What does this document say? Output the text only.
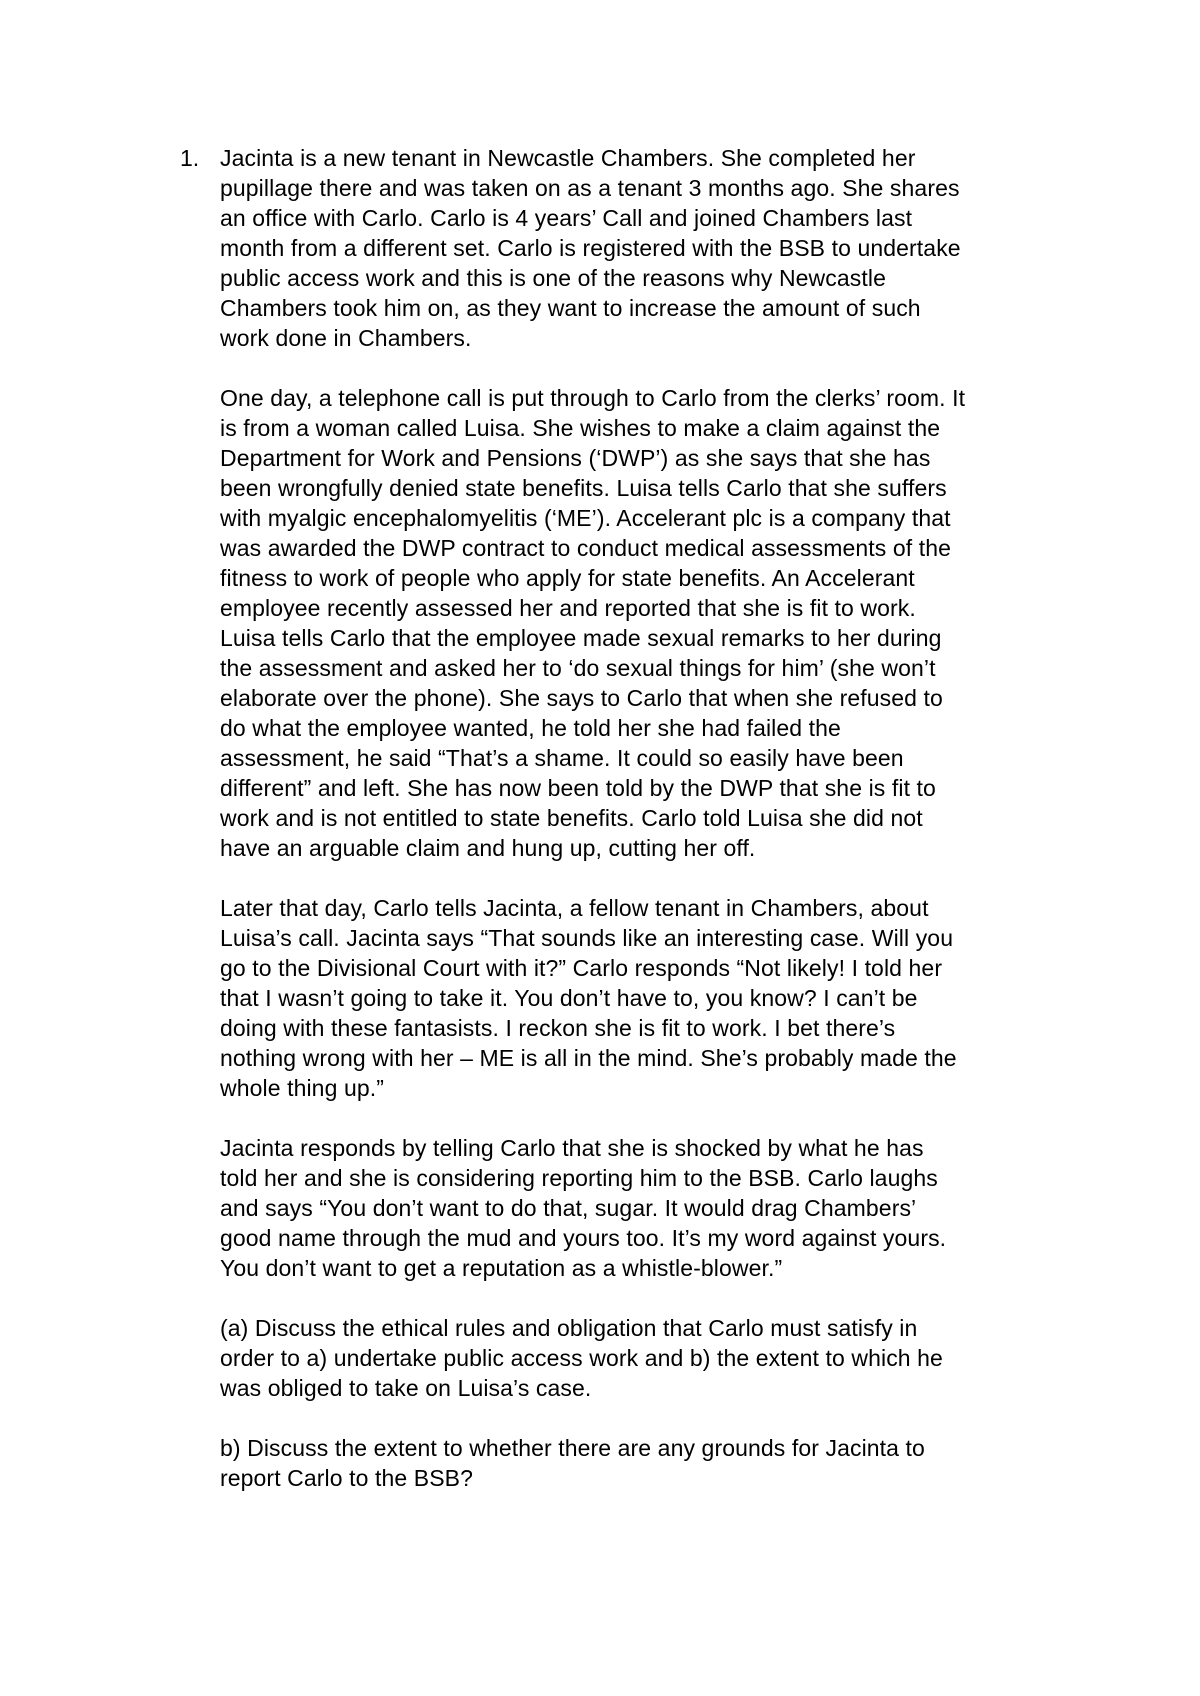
1. Jacinta is a new tenant in Newcastle Chambers. She completed her
pupillage there and was taken on as a tenant 3 months ago. She shares
an office with Carlo. Carlo is 4 years’ Call and joined Chambers last
month from a different set. Carlo is registered with the BSB to undertake
public access work and this is one of the reasons why Newcastle
Chambers took him on, as they want to increase the amount of such
work done in Chambers.

One day, a telephone call is put through to Carlo from the clerks’ room. It
is from a woman called Luisa. She wishes to make a claim against the
Department for Work and Pensions (‘DWP’) as she says that she has
been wrongfully denied state benefits. Luisa tells Carlo that she suffers
with myalgic encephalomyelitis (‘ME’). Accelerant plc is a company that
was awarded the DWP contract to conduct medical assessments of the
fitness to work of people who apply for state benefits. An Accelerant
employee recently assessed her and reported that she is fit to work.
Luisa tells Carlo that the employee made sexual remarks to her during
the assessment and asked her to ‘do sexual things for him’ (she won’t
elaborate over the phone). She says to Carlo that when she refused to
do what the employee wanted, he told her she had failed the
assessment, he said “That’s a shame. It could so easily have been
different” and left. She has now been told by the DWP that she is fit to
work and is not entitled to state benefits. Carlo told Luisa she did not
have an arguable claim and hung up, cutting her off.

Later that day, Carlo tells Jacinta, a fellow tenant in Chambers, about
Luisa’s call. Jacinta says “That sounds like an interesting case. Will you
go to the Divisional Court with it?” Carlo responds “Not likely! I told her
that I wasn’t going to take it. You don’t have to, you know? I can’t be
doing with these fantasists. I reckon she is fit to work. I bet there’s
nothing wrong with her – ME is all in the mind. She’s probably made the
whole thing up.”

Jacinta responds by telling Carlo that she is shocked by what he has
told her and she is considering reporting him to the BSB. Carlo laughs
and says “You don’t want to do that, sugar. It would drag Chambers’
good name through the mud and yours too. It’s my word against yours.
You don’t want to get a reputation as a whistle-blower.”

(a) Discuss the ethical rules and obligation that Carlo must satisfy in
order to a) undertake public access work and b) the extent to which he
was obliged to take on Luisa’s case.

b) Discuss the extent to whether there are any grounds for Jacinta to
report Carlo to the BSB?
